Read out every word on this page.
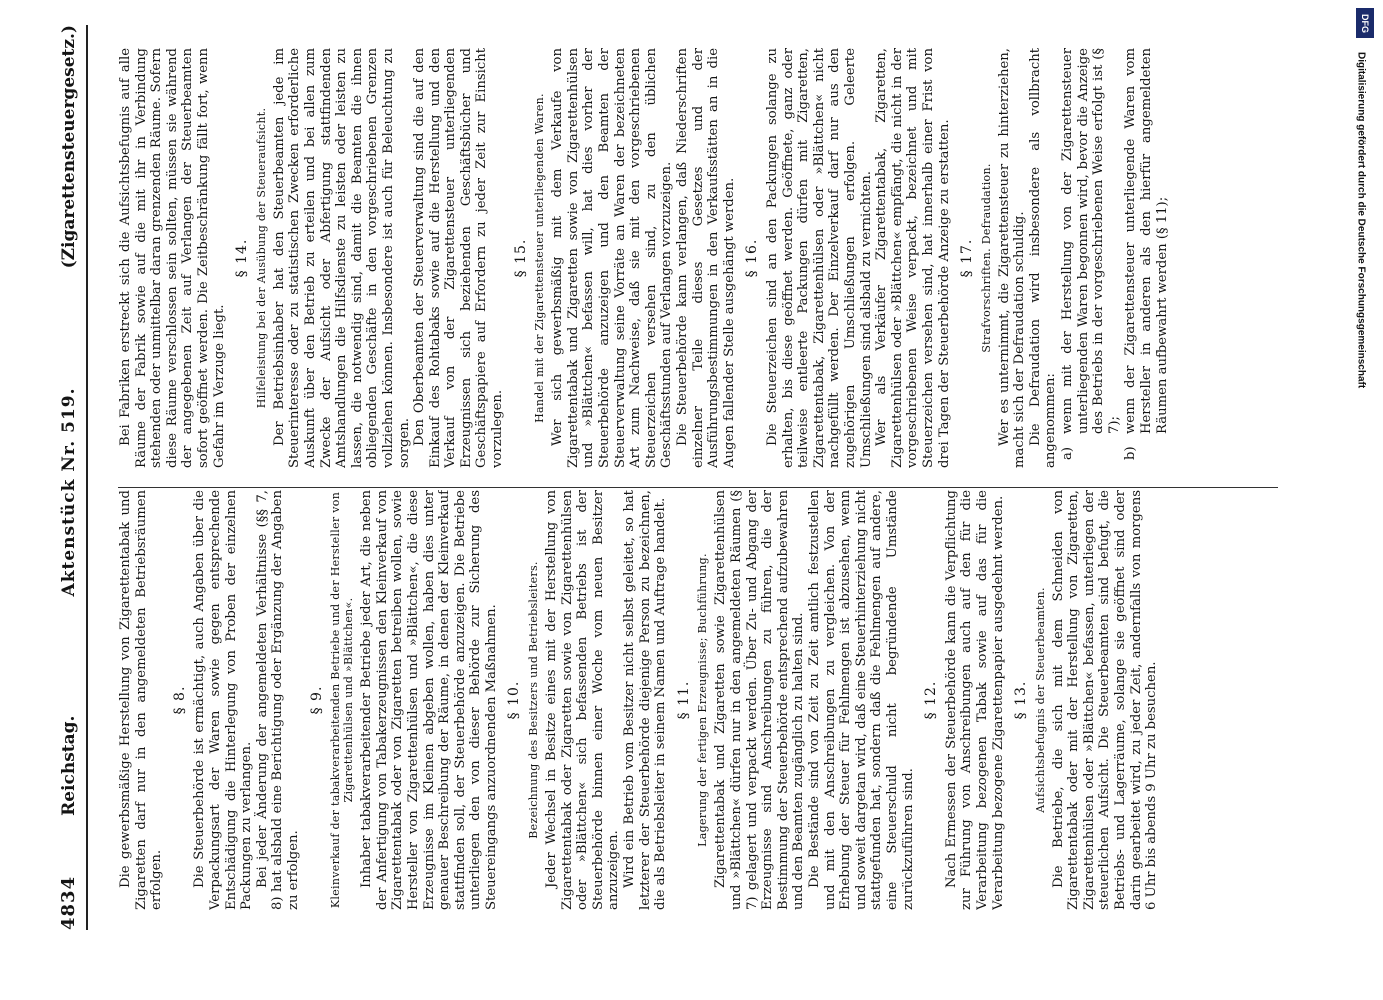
4834
Reichstag.
Aktenstück Nr. 519.
(Zigarettensteuergesetz.)

Die gewerbsmäßige Herstellung von Zigarettentabak und Zigaretten darf nur in den angemeldeten Betriebsräumen erfolgen.

§ 8. Die Steuerbehörde ist ermächtigt, auch Angaben über die Verpackungsart der Waren sowie gegen entsprechende Entschädigung die Hinterlegung von Proben der einzelnen Packungen zu verlangen. Bei jeder Änderung der angemeldeten Verhältnisse (§§ 7, 8) hat alsbald eine Berichtigung oder Ergänzung der Angaben zu erfolgen.

§ 9. Kleinverkauf der tabakverarbeitenden Betriebe und der Hersteller von Zigarettenhülsen und »Blättchen«. Inhaber tabakverarbeitender Betriebe jeder Art, die neben der Anfertigung von Tabakerzeugnissen den Kleinverkauf von Zigarettentabak oder von Zigaretten betreiben wollen, sowie Hersteller von Zigarettenhülsen und »Blättchen«, die diese Erzeugnisse im Kleinen abgeben wollen, haben dies unter genauer Beschreibung der Räume, in denen der Kleinverkauf stattfinden soll, der Steuerbehörde anzuzeigen. Die Betriebe unterliegen den von dieser Behörde zur Sicherung des Steuereingangs anzuordnenden Maßnahmen. § 10. Bezeichnung des Besitzers und Betriebsleiters. Jeder Wechsel in Besitze eines mit der Herstellung von Zigarettentabak oder Zigaretten sowie von Zigarettenhülsen oder »Blättchen« sich befassenden Betriebs ist der Steuerbehörde binnen einer Woche vom neuen Besitzer anzuzeigen. Wird ein Betrieb vom Besitzer nicht selbst geleitet, so hat letzterer der Steuerbehörde diejenige Person zu bezeichnen, die als Betriebsleiter in seinem Namen und Auftrage handelt. § 11. Lagerung der fertigen Erzeugnisse; Buchführung. Zigarettentabak und Zigaretten sowie Zigarettenhülsen und »Blättchen« dürfen nur in den angemeldeten Räumen (§ 7) gelagert und verpackt werden. Über Zu- und Abgang der Erzeugnisse sind Anschreibungen zu führen, die der Bestimmung der Steuerbehörde entsprechend aufzubewahren und den Beamten zugänglich zu halten sind. Die Bestände sind von Zeit zu Zeit amtlich festzustellen und mit den Anschreibungen zu vergleichen. Von der Erhebung der Steuer für Fehlmengen ist abzusehen, wenn und soweit dargetan wird, daß eine Steuerhinterziehung nicht stattgefunden hat, sondern daß die Fehlmengen auf andere, eine Steuerschuld nicht begründende Umstände zurückzuführen sind.

§ 12. Nach Ermessen der Steuerbehörde kann die Verpflichtung zur Führung von Anschreibungen auch auf den für die Verarbeitung bezogenen Tabak sowie auf das für die Verarbeitung bezogene Zigarettenpapier ausgedehnt werden. § 13. Aufsichtsbefugnis der Steuerbeamten. Die Betriebe, die sich mit dem Schneiden von Zigarettentabak oder mit der Herstellung von Zigaretten, Zigarettenhülsen oder »Blättchen« befassen, unterliegen der steuerlichen Aufsicht. Die Steuerbeamten sind befugt, die Betriebs- und Lagerräume, solange sie geöffnet sind oder darin gearbeitet wird, zu jeder Zeit, andernfalls von morgens 6 Uhr bis abends 9 Uhr zu besuchen.

Bei Fabriken erstreckt sich die Aufsichtsbefugnis auf alle Räume der Fabrik sowie auf die mit ihr in Verbindung stehenden oder unmittelbar daran grenzenden Räume. Sofern diese Räume verschlossen sein sollten, müssen sie während der angegebenen Zeit auf Verlangen der Steuerbeamten sofort geöffnet werden. Die Zeitbeschränkung fällt fort, wenn Gefahr im Verzuge liegt.

§ 14. Hilfeleistung bei der Ausübung der Steueraufsicht. Der Betriebsinhaber hat den Steuerbeamten jede im Steuerinteresse oder zu statistischen Zwecken erforderliche Auskunft über den Betrieb zu erteilen und bei allen zum Zwecke der Aufsicht oder Abfertigung stattfindenden Amtshandlungen die Hilfsdienste zu leisten oder leisten zu lassen, die notwendig sind, damit die Beamten die ihnen obliegenden Geschäfte in den vorgeschriebenen Grenzen vollziehen können. Insbesondere ist auch für Beleuchtung zu sorgen. Den Oberbeamten der Steuerverwaltung sind die auf den Einkauf des Rohtabaks sowie auf die Herstellung und den Verkauf von der Zigarettensteuer unterliegenden Erzeugnissen sich beziehenden Geschäftsbücher und Geschäftspapiere auf Erfordern zu jeder Zeit zur Einsicht vorzulegen.

§ 15. Handel mit der Zigarettensteuer unterliegenden Waren. Wer sich gewerbsmäßig mit dem Verkaufe von Zigarettentabak und Zigaretten sowie von Zigarettenhülsen und »Blättchen« befassen will, hat dies vorher der Steuerbehörde anzuzeigen und den Beamten der Steuerverwaltung seine Vorräte an Waren der bezeichneten Art zum Nachweise, daß sie mit den vorgeschriebenen Steuerzeichen versehen sind, zu den üblichen Geschäftsstunden auf Verlangen vorzuzeigen. Die Steuerbehörde kann verlangen, daß Niederschriften einzelner Teile dieses Gesetzes und der Ausführungsbestimmungen in den Verkaufsstätten an in die Augen fallender Stelle ausgehängt werden. § 16. Die Steuerzeichen sind an den Packungen solange zu erhalten, bis diese geöffnet werden. Geöffnete, ganz oder teilweise entleerte Packungen dürfen mit Zigaretten, Zigarettentabak, Zigarettenhülsen oder »Blättchen« nicht nachgefüllt werden. Der Einzelverkauf darf nur aus den zugehörigen Umschließungen erfolgen. Geleerte Umschließungen sind alsbald zu vernichten. Wer als Verkäufer Zigarettentabak, Zigaretten, Zigarettenhülsen oder »Blättchen« empfängt, die nicht in der vorgeschriebenen Weise verpackt, bezeichnet und mit Steuerzeichen versehen sind, hat innerhalb einer Frist von drei Tagen der Steuerbehörde Anzeige zu erstatten. § 17. Strafvorschriften. Defraudation. Wer es unternimmt, die Zigarettensteuer zu hinterziehen, macht sich der Defraudation schuldig. Die Defraudation wird insbesondere als vollbracht angenommen: a)
wenn mit der Herstellung von der Zigarettensteuer unterliegenden Waren begonnen wird, bevor die Anzeige des Betriebs in der vorgeschriebenen Weise erfolgt ist (§ 7);
b)
wenn der Zigarettensteuer unterliegende Waren vom Hersteller in anderen als den hierfür angemeldeten Räumen aufbewahrt werden (§ 11);
DFG
Digitalisierung gefördert durch die Deutsche Forschungsgemeinschaft
